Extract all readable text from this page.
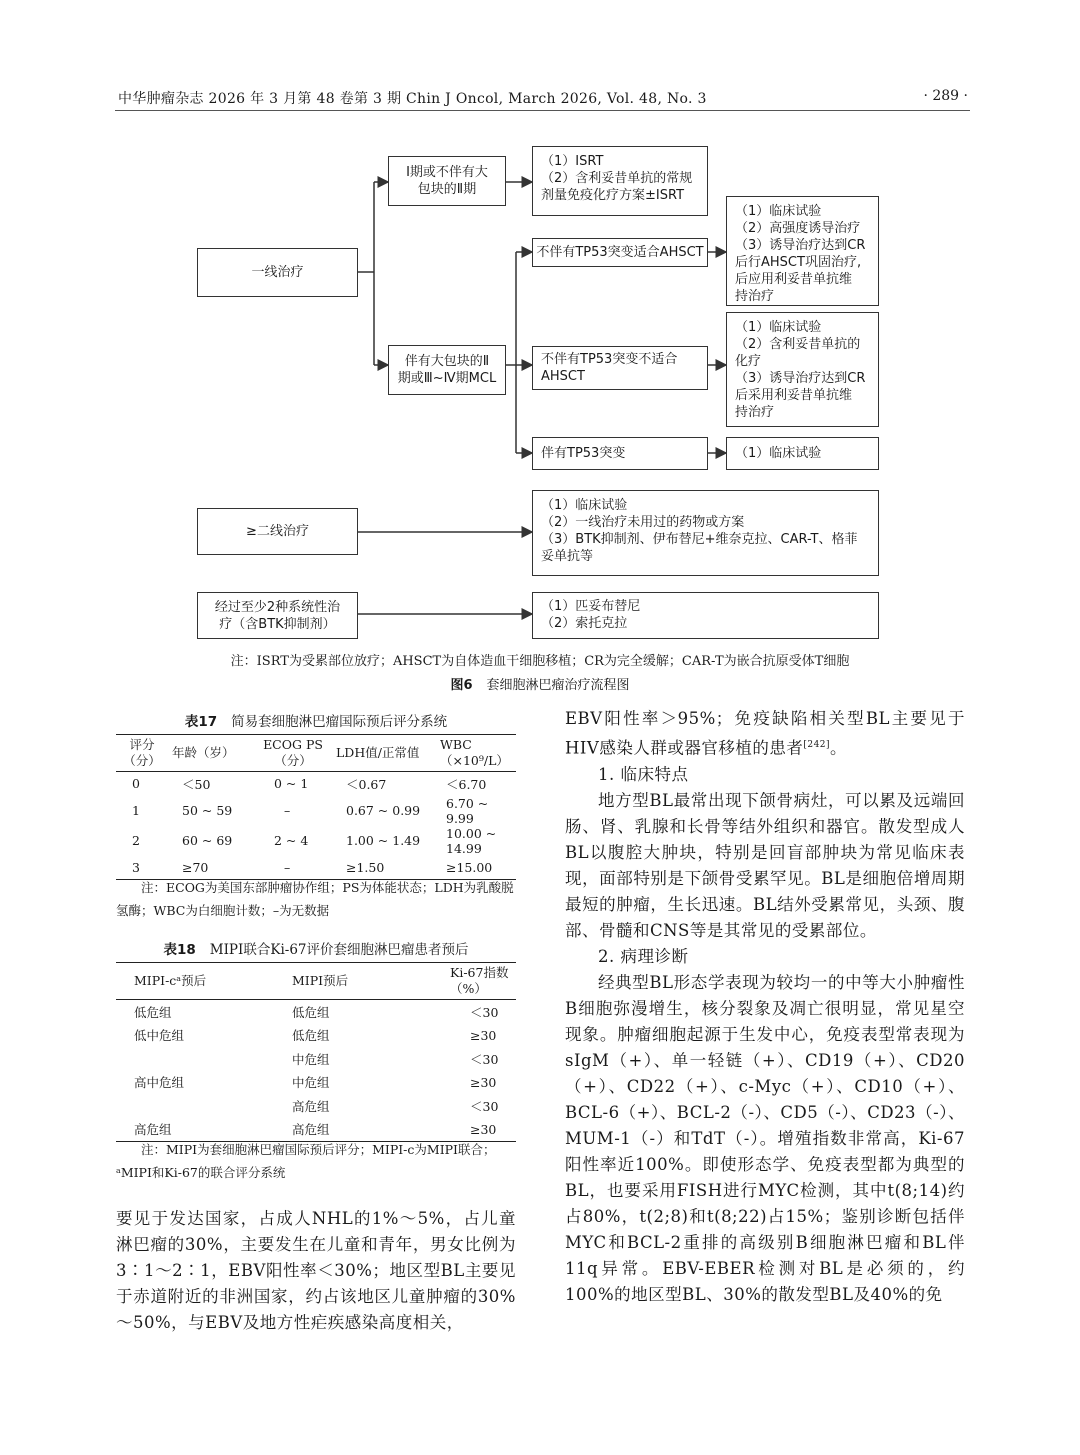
中华肿瘤杂志 2026 年 3 月第 48 卷第 3 期 Chin J Oncol, March 2026, Vol. 48, No. 3	· 289 ·
一线治疗
Ⅰ期或不伴有大
包块的Ⅱ期
（1）ISRT
（2）含利妥昔单抗的常规
剂量免疫化疗方案±ISRT
伴有大包块的Ⅱ
期或Ⅲ~Ⅳ期MCL
不伴有TP53突变适合AHSCT
（1）临床试验
（2）高强度诱导治疗
（3）诱导治疗达到CR
后行AHSCT巩固治疗,
后应用利妥昔单抗维
持治疗
不伴有TP53突变不适合
AHSCT
（1）临床试验
（2）含利妥昔单抗的
化疗
（3）诱导治疗达到CR
后采用利妥昔单抗维
持治疗
伴有TP53突变	（1）临床试验
≥二线治疗
（1）临床试验
（2）一线治疗未用过的药物或方案
（3）BTK抑制剂、伊布替尼+维奈克拉、CAR-T、格菲
妥单抗等
经过至少2种系统性治
疗（含BTK抑制剂）
（1）匹妥布替尼
（2）索托克拉
注：ISRT为受累部位放疗；AHSCT为自体造血干细胞移植；CR为完全缓解；CAR-T为嵌合抗原受体T细胞
图6 套细胞淋巴瘤治疗流程图
表17 简易套细胞淋巴瘤国际预后评分系统
评分
（分）	年龄（岁）	ECOG PS
（分）	LDH值/正常值	WBC（×10⁹/L）
0	＜50	0 ~ 1	＜0.67	＜6.70
1	50 ~ 59	–	0.67 ~ 0.99	6.70 ~ 9.99
2	60 ~ 69	2 ~ 4	1.00 ~ 1.49	10.00 ~ 14.99
3	≥70	–	≥1.50	≥15.00
注：ECOG为美国东部肿瘤协作组；PS为体能状态；LDH为乳酸脱氢酶；WBC为白细胞计数；–为无数据
表18 MIPI联合Ki-67评价套细胞淋巴瘤患者预后
MIPI-cᵃ预后	MIPI预后	Ki-67指数（%）
低危组	低危组	＜30
低中危组	低危组	≥30
	中危组	＜30
高中危组	中危组	≥30
	高危组	＜30
高危组	高危组	≥30
注：MIPI为套细胞淋巴瘤国际预后评分；MIPI-c为MIPI联合；ᵃMIPI和Ki-67的联合评分系统

要见于发达国家，占成人NHL的1%～5%，占儿童淋巴瘤的30%，主要发生在儿童和青年，男女比例为3∶1～2∶1，EBV阳性率＜30%；地区型BL主要见于赤道附近的非洲国家，约占该地区儿童肿瘤的30%～50%，与EBV及地方性疟疾感染高度相关，

EBV阳性率＞95%；免疫缺陷相关型BL主要见于HIV感染人群或器官移植的患者[242]。

1. 临床特点

地方型BL最常出现下颌骨病灶，可以累及远端回肠、肾、乳腺和长骨等结外组织和器官。散发型成人BL以腹腔大肿块，特别是回盲部肿块为常见临床表现，面部特别是下颌骨受累罕见。BL是细胞倍增周期最短的肿瘤，生长迅速。BL结外受累常见，头颈、腹部、骨髓和CNS等是其常见的受累部位。

2. 病理诊断

经典型BL形态学表现为较均一的中等大小肿瘤性B细胞弥漫增生，核分裂象及凋亡很明显，常见星空现象。肿瘤细胞起源于生发中心，免疫表型常表现为sIgM（+）、单一轻链（+）、CD19（+）、CD20（+）、CD22（+）、c-Myc（+）、CD10（+）、BCL-6（+）、BCL-2（-）、CD5（-）、CD23（-）、MUM-1（-）和TdT（-）。增殖指数非常高，Ki-67阳性率近100%。即使形态学、免疫表型都为典型的BL，也要采用FISH进行MYC检测，其中t(8;14)约占80%，t(2;8)和t(8;22)占15%；鉴别诊断包括伴MYC和BCL-2重排的高级别B细胞淋巴瘤和BL伴11q异常。EBV-EBER检测对BL是必须的，约100%的地区型BL、30%的散发型BL及40%的免
